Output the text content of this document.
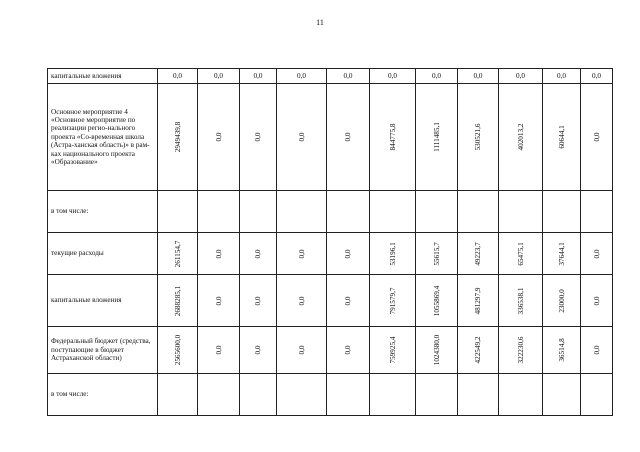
11
капитальные вложения	0,0	0,0	0,0	0,0	0,0	0,0	0,0	0,0	0,0	0,0	0,0
Основное мероприятие 4 «Основное мероприятие по реализации регио-нального проекта «Со-временная школа (Астра-ханская область)» в рам-ках национального проекта «Образование»	2949439,8	0,0	0,0	0,0	0,0	844775,8	1111485,1	530521,6	402013,2	60644,1	0,0

в том числе:											
текущие расходы	261154,7	0,0	0,0	0,0	0,0	53196,1	55615,7	49223,7	65475,1	37644,1	0,0

капитальные вложения	2688285,1	0,0	0,0	0,0	0,0	791579,7	1055869,4	481297,9	336538,1	23000,0	0,0

Федеральный бюджет (средства, поступающие в бюджет Астраханской области)	2565600,0	0,0	0,0	0,0	0,0	759925,4	1024380,0	422549,2	322230,6	36514,8	0,0

в том числе:											
